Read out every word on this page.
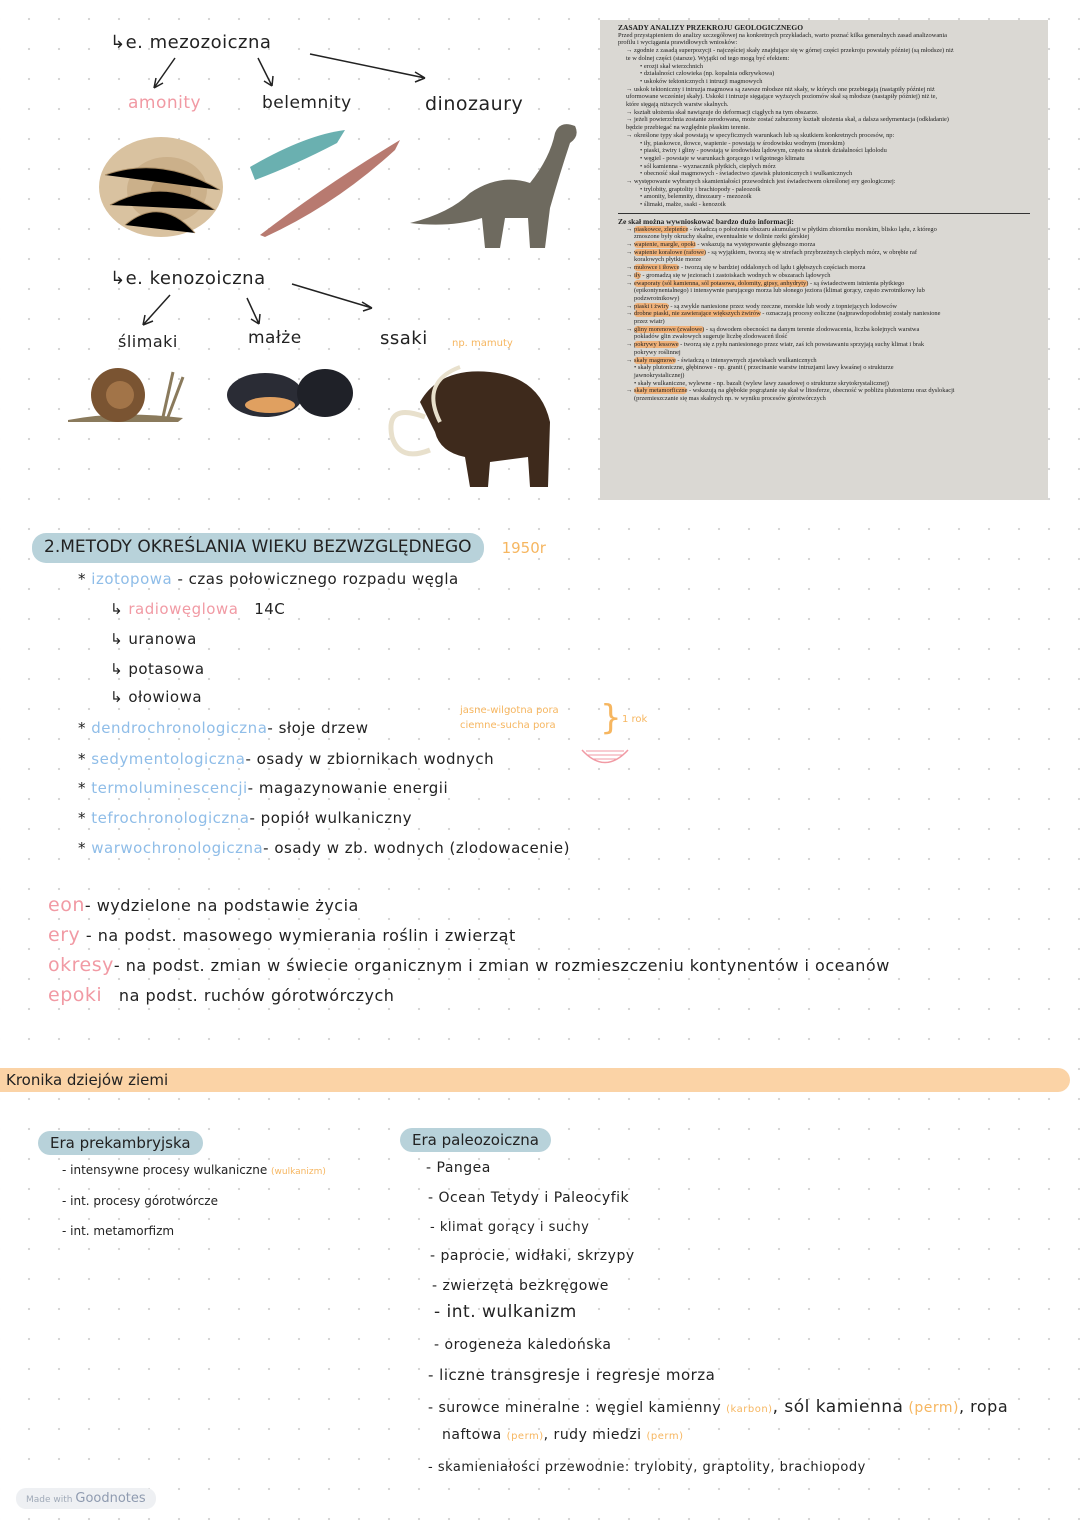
↳e. mezozoiczna
amonity	belemnity	dinozaury
↳e. kenozoiczna
ślimaki	małże	ssaki np. mamuty
ZASADY ANALIZY PRZEKROJU GEOLOGICZNEGO
Przed przystąpieniem do analizy szczegółowej na konkretnych przykładach, warto poznać kilka generalnych zasad analizowania
profilu i wyciągania prawidłowych wniosków:
→ zgodnie z zasadą superpozycji - najczęściej skały znajdujące się w górnej części przekroju powstały później (są młodsze) niż
te w dolnej części (starsze). Wyjątki od tego mogą być efektem:
• erozji skał wierzchnich
• działalności człowieka (np. kopalnia odkrywkowa)
• uskoków tektonicznych i intruzji magmowych
→ uskok tektoniczny i intruzja magmowa są zawsze młodsze niż skały, w których one przebiegają (nastąpiły później niż
uformowane wcześniej skały). Uskoki i intruzje sięgające wyższych poziomów skał są młodsze (nastąpiły później) niż te,
które sięgają niższych warstw skalnych.
→ kształt ułożenia skał nawiązuje do deformacji ciągłych na tym obszarze.
→ jeżeli powierzchnia zostanie zerodowana, może zostać zaburzony kształt ułożenia skał, a dalsza sedymentacja (odkładanie)
będzie przebiegać na względnie płaskim terenie.
→ określone typy skał powstają w specyficznych warunkach lub są skutkiem konkretnych procesów, np:
• iły, piaskowce, iłowce, wapienie - powstają w środowisku wodnym (morskim)
• piaski, żwiry i gliny - powstają w środowisku lądowym, często na skutek działalności lądolodu
• węgiel - powstaje w warunkach gorącego i wilgotnego klimatu
• sól kamienna - wyznacznik płytkich, ciepłych mórz
• obecność skał magmowych - świadectwo zjawisk plutonicznych i wulkanicznych
→ występowanie wybranych skamieniałości przewodnich jest świadectwem określonej ery geologicznej:
• trylobity, graptolity i brachiopody - paleozoik
• amonity, belemnity, dinozaury - mezozoik
• ślimaki, małże, ssaki - kenozoik
Ze skał można wywnioskować bardzo dużo informacji:
→ piaskowce, zlepieńce - świadczą o położeniu obszaru akumulacji w płytkim zbiorniku morskim, blisko lądu, z którego
zmoszone były okruchy skalne, ewentualnie w dolinie rzeki górskiej
→ wapienie, margle, opoki - wskazują na występowanie głębszego morza
→ wapienie koralowe (rafowe) - są wyjątkiem, tworzą się w strefach przybrzeżnych ciepłych mórz, w obrębie raf
koralowych płytkie morze
→ mułowce i iłowce - tworzą się w bardziej oddalonych od lądu i głębszych częściach morza
→ iły - gromadzą się w jeziorach i zastoiskach wodnych w obszarach lądowych
→ ewaporaty (sól kamienna, sól potasowa, dolomity, gipsy, anhydryty) - są świadectwem istnienia płytkiego
(epikontynentalnego) i intensywnie parującego morza lub słonego jeziora (klimat gorący, często zwrotnikowy lub
podzwrotnikowy)
→ piaski i żwiry - są zwykle naniesione przez wody rzeczne, morskie lub wody z topniejących lodowców
→ drobne piaski, nie zawierające większych żwirów - oznaczają procesy eoliczne (najprawdopodobniej zostały naniesione
przez wiatr)
→ gliny morenowe (zwałowe) - są dowodem obecności na danym terenie zlodowacenia, liczba kolejnych warstwa
pokładów glin zwałowych sugeruje liczbę zlodowaceń ilość
→ pokrywy lessowe - tworzą się z pyłu naniesionego przez wiatr, zaś ich powstawaniu sprzyjają suchy klimat i brak
pokrywy roślinnej
→ skały magmowe - świadczą o intensywnych zjawiskach wulkanicznych
• skały plutoniczne, głębinowe - np. granit ( przecinanie warstw intruzjami lawy kwaśnej o strukturze
jawnokrystalicznej)
• skały wulkaniczne, wylewne - np. bazalt (wylew lawy zasadowej o strukturze skrytokrystalicznej)
→ skały metamorficzne - wskazują na głębokie pogrążanie się skał w litosferze, obecność w pobliżu plutonizmu oraz dyslokacji
(przemieszczanie się mas skalnych np. w wyniku procesów górotwórczych
2.METODY OKREŚLANIA WIEKU BEZWZGLĘDNEGO	1950r
* izotopowa - czas połowicznego rozpadu węgla
↳ radiowęglowa 14C
↳ uranowa
↳ potasowa
↳ ołowiowa
* dendrochronologiczna- słoje drzew
* sedymentologiczna- osady w zbiornikach wodnych
* termoluminescencji- magazynowanie energii
* tefrochronologiczna- popiół wulkaniczny
* warwochronologiczna- osady w zb. wodnych (zlodowacenie)
jasne-wilgotna pora
ciemne-sucha pora } 1 rok
eon- wydzielone na podstawie życia
ery - na podst. masowego wymierania roślin i zwierząt
okresy- na podst. zmian w świecie organicznym i zmian w rozmieszczeniu kontynentów i oceanów
epoki na podst. ruchów górotwórczych
Kronika dziejów ziemi
Era prekambryjska
- intensywne procesy wulkaniczne (wulkanizm)
- int. procesy górotwórcze
- int. metamorfizm
Era paleozoiczna
- Pangea
- Ocean Tetydy i Paleocyfik
- klimat gorący i suchy
- paprocie, widłaki, skrzypy
- zwierzęta bezkręgowe
- int. wulkanizm
- orogeneza kaledońska
- liczne transgresje i regresje morza
- surowce mineralne : węgiel kamienny (karbon), sól kamienna (perm), ropa
naftowa (perm), rudy miedzi (perm)
- skamieniałości przewodnie: trylobity, graptolity, brachiopody
Made with Goodnotes
